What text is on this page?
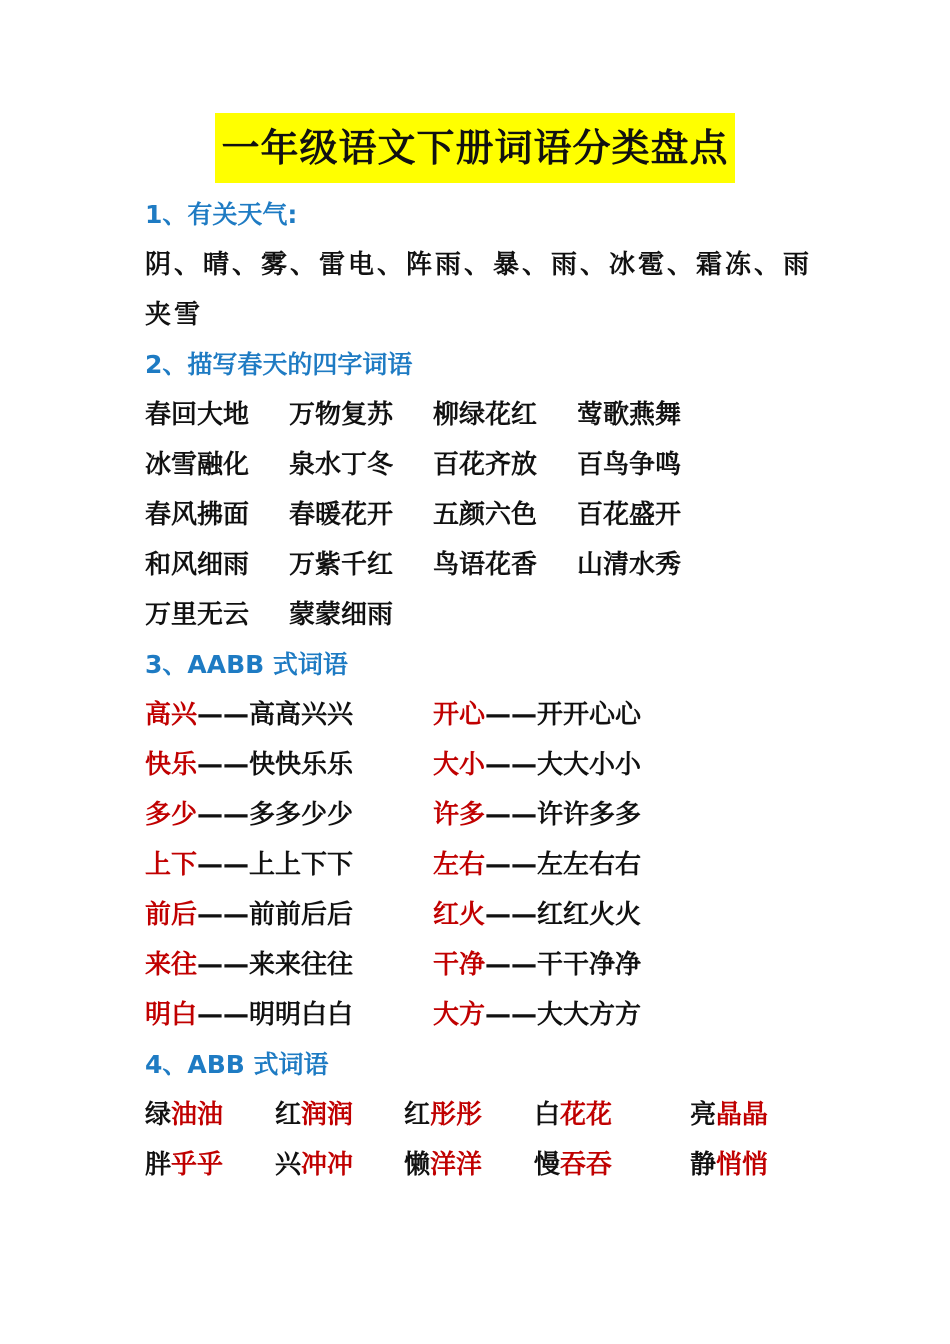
一年级语文下册词语分类盘点
1、有关天气:
阴、晴、雾、雷电、阵雨、暴、雨、冰雹、霜冻、雨
夹雪
2、描写春天的四字词语
春回大地	万物复苏	柳绿花红	莺歌燕舞
冰雪融化	泉水丁冬	百花齐放	百鸟争鸣
春风拂面	春暖花开	五颜六色	百花盛开
和风细雨	万紫千红	鸟语花香	山清水秀
万里无云	蒙蒙细雨
3、AABB 式词语
高兴——高高兴兴	开心——开开心心
快乐——快快乐乐	大小——大大小小
多少——多多少少	许多——许许多多
上下——上上下下	左右——左左右右
前后——前前后后	红火——红红火火
来往——来来往往	干净——干干净净
明白——明明白白	大方——大大方方
4、ABB 式词语
绿油油 红润润 红彤彤 白花花	亮晶晶
胖乎乎 兴冲冲 懒洋洋 慢吞吞	静悄悄
